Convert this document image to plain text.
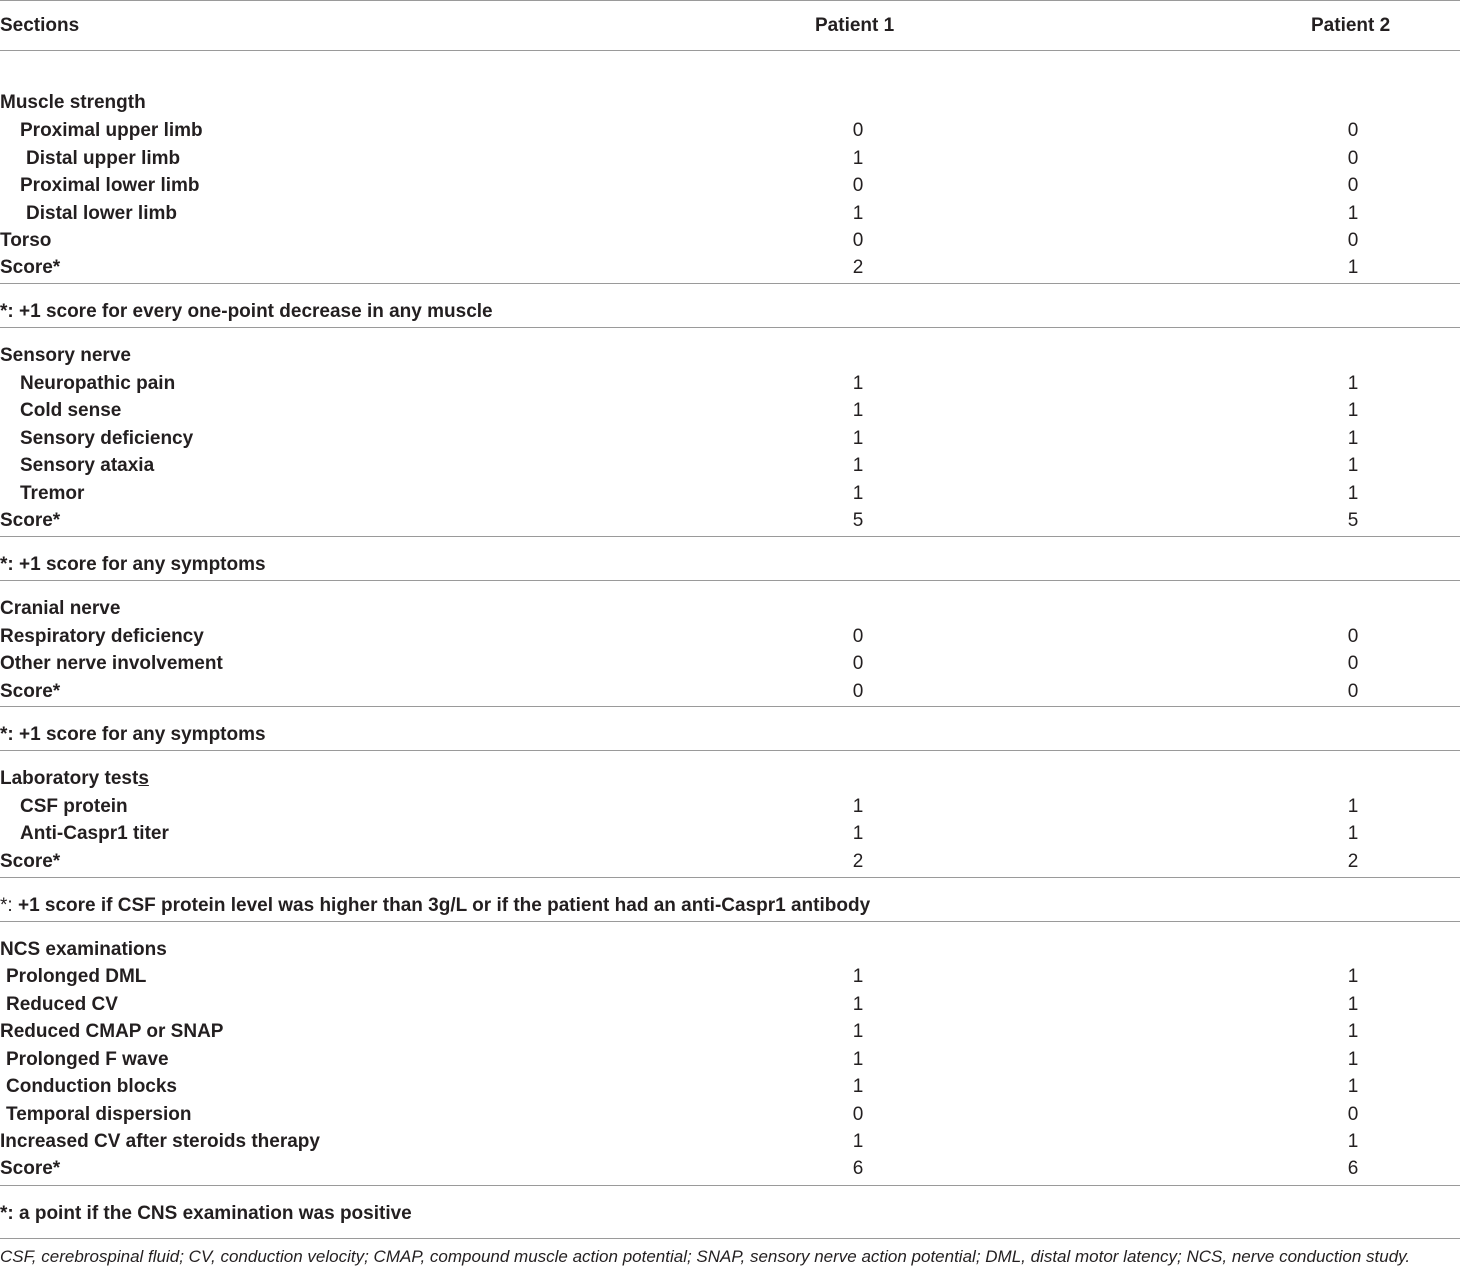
Sections	Patient 1	Patient 2
Muscle strength
Proximal upper limb	0	0
Distal upper limb	1	0
Proximal lower limb	0	0
Distal lower limb	1	1
Torso	0	0
Score*	2	1
*: +1 score for every one-point decrease in any muscle
Sensory nerve
Neuropathic pain	1	1
Cold sense	1	1
Sensory deficiency	1	1
Sensory ataxia	1	1
Tremor	1	1
Score*	5	5
*: +1 score for any symptoms
Cranial nerve
Respiratory deficiency	0	0
Other nerve involvement	0	0
Score*	0	0
*: +1 score for any symptoms
Laboratory tests
CSF protein	1	1
Anti-Caspr1 titer	1	1
Score*	2	2
*: +1 score if CSF protein level was higher than 3g/L or if the patient had an anti-Caspr1 antibody
NCS examinations
Prolonged DML	1	1
Reduced CV	1	1
Reduced CMAP or SNAP	1	1
Prolonged F wave	1	1
Conduction blocks	1	1
Temporal dispersion	0	0
Increased CV after steroids therapy	1	1
Score*	6	6
*: a point if the CNS examination was positive
CSF, cerebrospinal fluid; CV, conduction velocity; CMAP, compound muscle action potential; SNAP, sensory nerve action potential; DML, distal motor latency; NCS, nerve conduction study.
